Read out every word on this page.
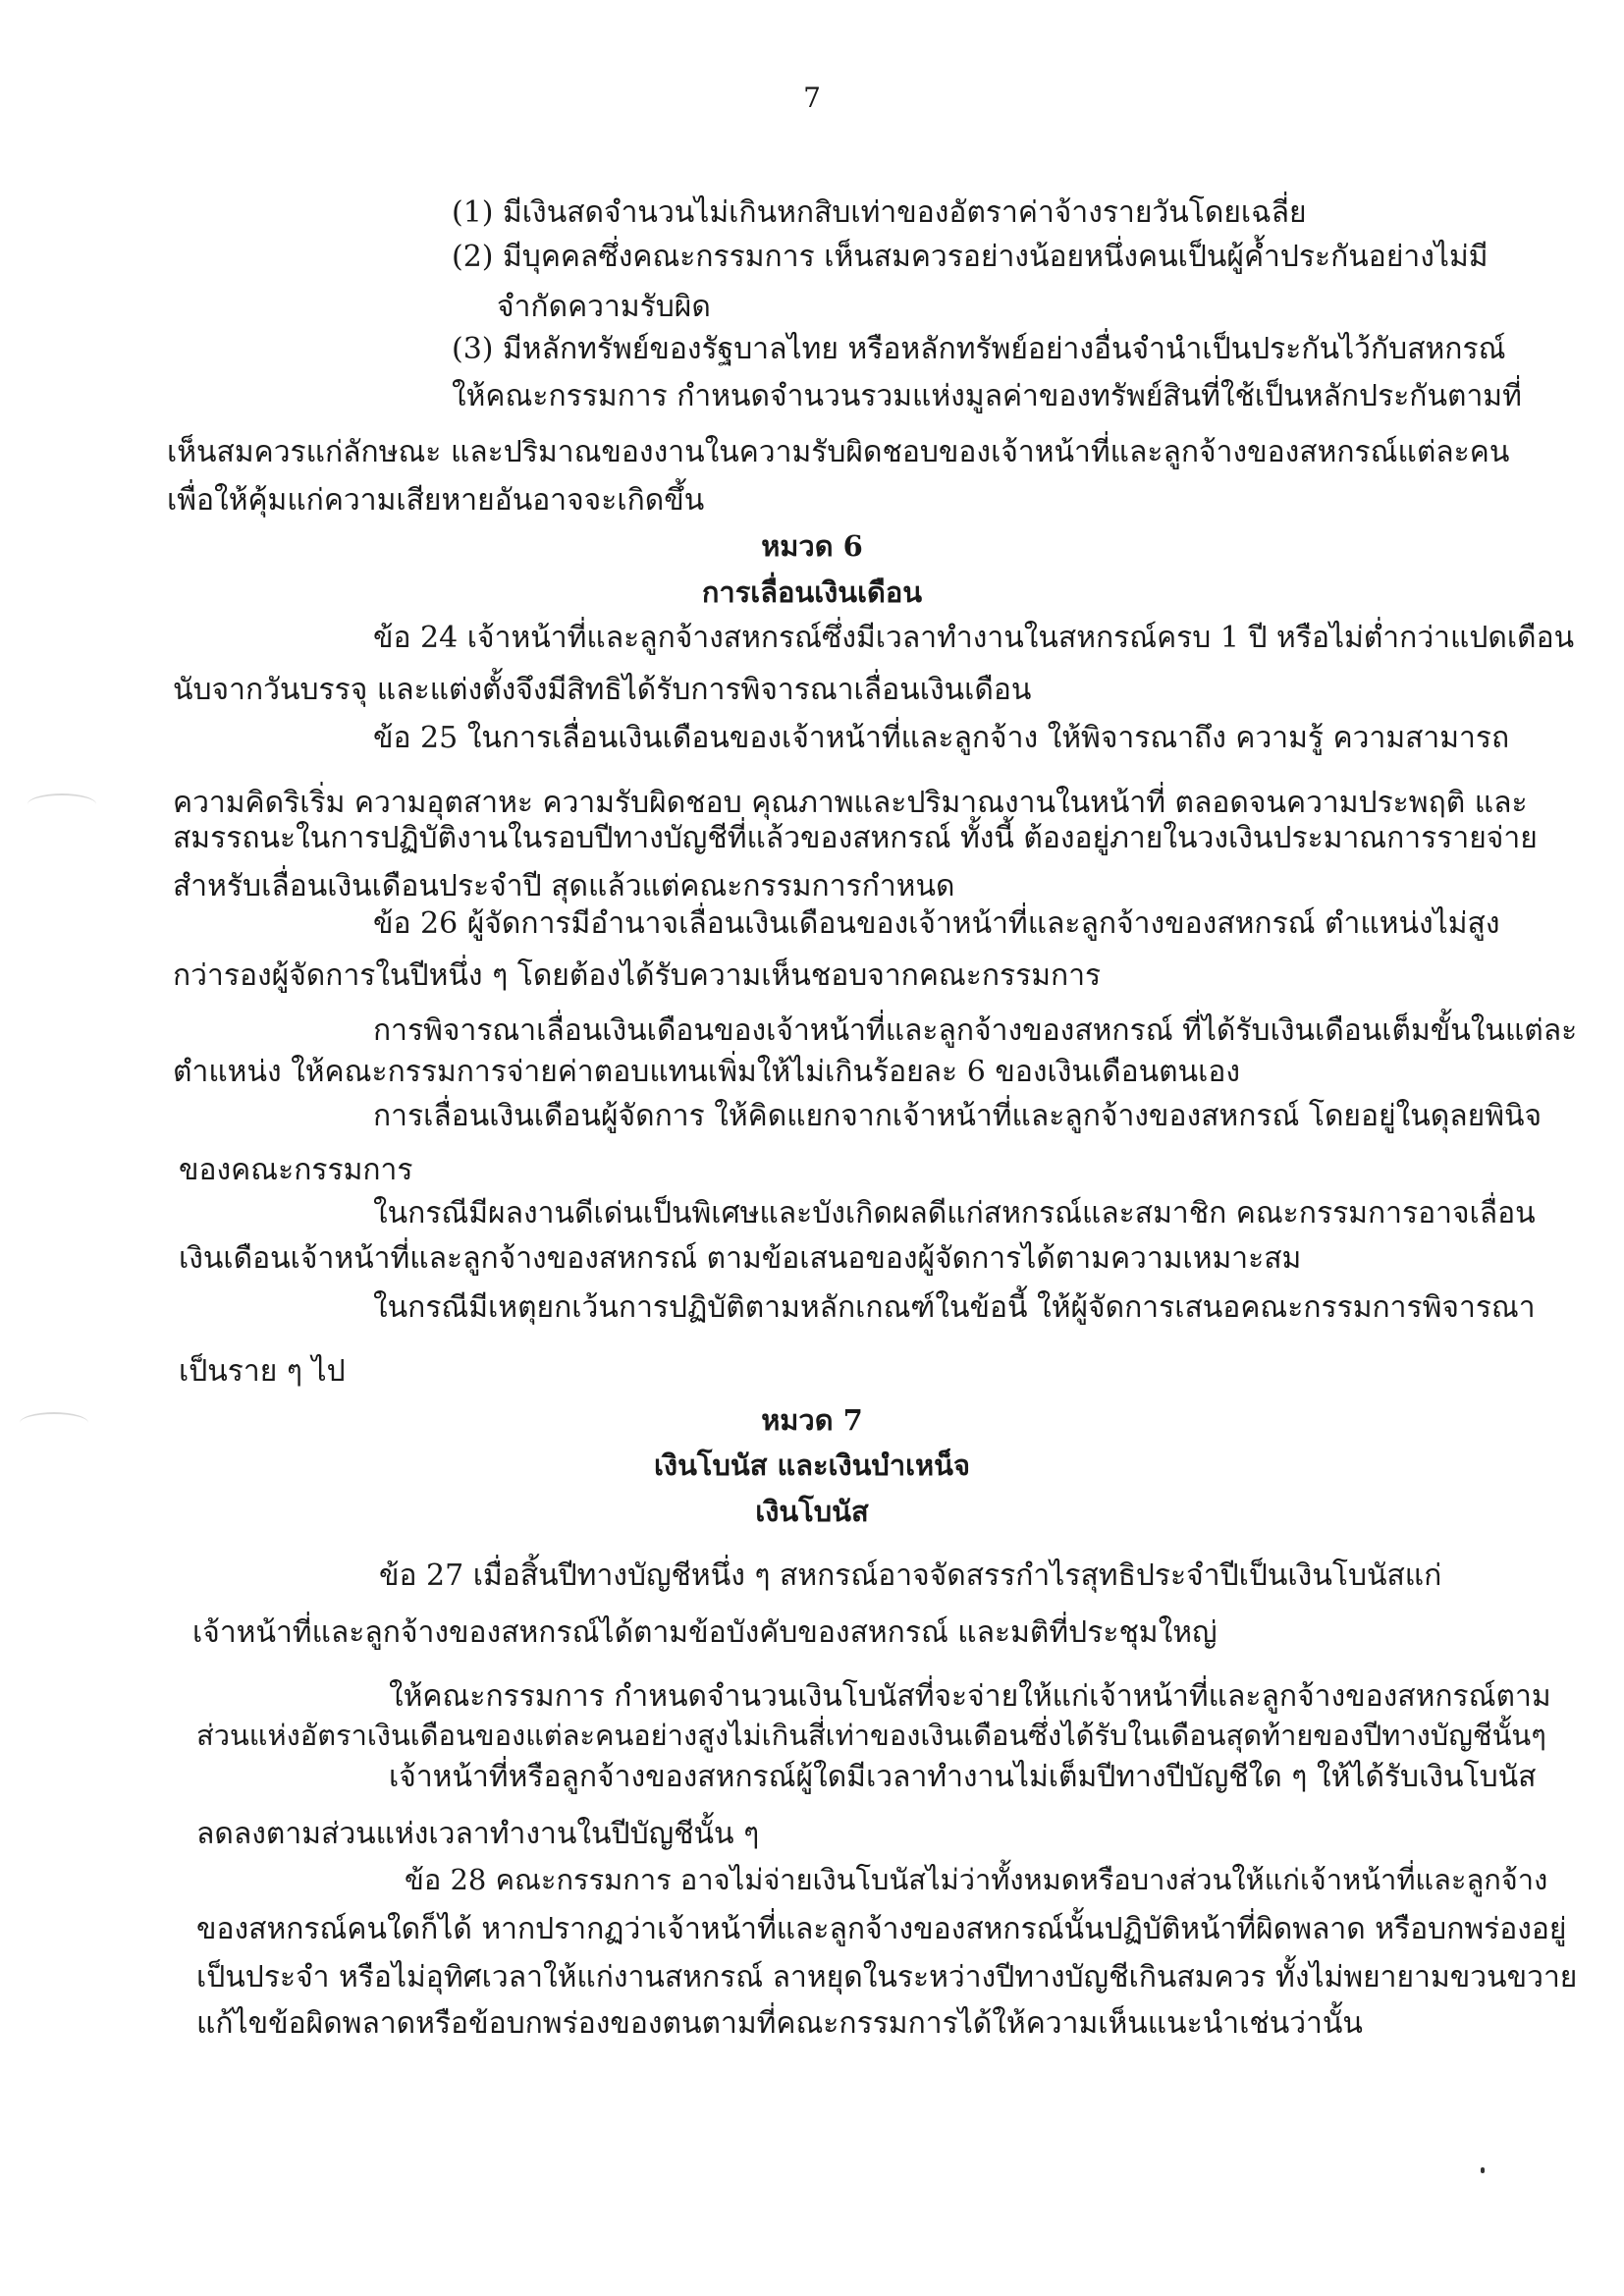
7
(1) มีเงินสดจำนวนไม่เกินหกสิบเท่าของอัตราค่าจ้างรายวันโดยเฉลี่ย
(2) มีบุคคลซึ่งคณะกรรมการ เห็นสมควรอย่างน้อยหนึ่งคนเป็นผู้ค้ำประกันอย่างไม่มี
จำกัดความรับผิด
(3) มีหลักทรัพย์ของรัฐบาลไทย หรือหลักทรัพย์อย่างอื่นจำนำเป็นประกันไว้กับสหกรณ์
ให้คณะกรรมการ กำหนดจำนวนรวมแห่งมูลค่าของทรัพย์สินที่ใช้เป็นหลักประกันตามที่
เห็นสมควรแก่ลักษณะ และปริมาณของงานในความรับผิดชอบของเจ้าหน้าที่และลูกจ้างของสหกรณ์แต่ละคน
เพื่อให้คุ้มแก่ความเสียหายอันอาจจะเกิดขึ้น
หมวด 6
การเลื่อนเงินเดือน
ข้อ 24 เจ้าหน้าที่และลูกจ้างสหกรณ์ซึ่งมีเวลาทำงานในสหกรณ์ครบ 1 ปี หรือไม่ต่ำกว่าแปดเดือน
นับจากวันบรรจุ และแต่งตั้งจึงมีสิทธิได้รับการพิจารณาเลื่อนเงินเดือน
ข้อ 25 ในการเลื่อนเงินเดือนของเจ้าหน้าที่และลูกจ้าง ให้พิจารณาถึง ความรู้ ความสามารถ
ความคิดริเริ่ม ความอุตสาหะ ความรับผิดชอบ คุณภาพและปริมาณงานในหน้าที่ ตลอดจนความประพฤติ และ
สมรรถนะในการปฏิบัติงานในรอบปีทางบัญชีที่แล้วของสหกรณ์ ทั้งนี้ ต้องอยู่ภายในวงเงินประมาณการรายจ่าย
สำหรับเลื่อนเงินเดือนประจำปี สุดแล้วแต่คณะกรรมการกำหนด
ข้อ 26 ผู้จัดการมีอำนาจเลื่อนเงินเดือนของเจ้าหน้าที่และลูกจ้างของสหกรณ์ ตำแหน่งไม่สูง
กว่ารองผู้จัดการในปีหนึ่ง ๆ โดยต้องได้รับความเห็นชอบจากคณะกรรมการ
การพิจารณาเลื่อนเงินเดือนของเจ้าหน้าที่และลูกจ้างของสหกรณ์ ที่ได้รับเงินเดือนเต็มขั้นในแต่ละ
ตำแหน่ง ให้คณะกรรมการจ่ายค่าตอบแทนเพิ่มให้ไม่เกินร้อยละ 6 ของเงินเดือนตนเอง
การเลื่อนเงินเดือนผู้จัดการ ให้คิดแยกจากเจ้าหน้าที่และลูกจ้างของสหกรณ์ โดยอยู่ในดุลยพินิจ
ของคณะกรรมการ
ในกรณีมีผลงานดีเด่นเป็นพิเศษและบังเกิดผลดีแก่สหกรณ์และสมาชิก คณะกรรมการอาจเลื่อน
เงินเดือนเจ้าหน้าที่และลูกจ้างของสหกรณ์ ตามข้อเสนอของผู้จัดการได้ตามความเหมาะสม
ในกรณีมีเหตุยกเว้นการปฏิบัติตามหลักเกณฑ์ในข้อนี้ ให้ผู้จัดการเสนอคณะกรรมการพิจารณา
เป็นราย ๆ ไป
หมวด 7
เงินโบนัส และเงินบำเหน็จ
เงินโบนัส
ข้อ 27 เมื่อสิ้นปีทางบัญชีหนึ่ง ๆ สหกรณ์อาจจัดสรรกำไรสุทธิประจำปีเป็นเงินโบนัสแก่
เจ้าหน้าที่และลูกจ้างของสหกรณ์ได้ตามข้อบังคับของสหกรณ์ และมติที่ประชุมใหญ่
ให้คณะกรรมการ กำหนดจำนวนเงินโบนัสที่จะจ่ายให้แก่เจ้าหน้าที่และลูกจ้างของสหกรณ์ตาม
ส่วนแห่งอัตราเงินเดือนของแต่ละคนอย่างสูงไม่เกินสี่เท่าของเงินเดือนซึ่งได้รับในเดือนสุดท้ายของปีทางบัญชีนั้นๆ
เจ้าหน้าที่หรือลูกจ้างของสหกรณ์ผู้ใดมีเวลาทำงานไม่เต็มปีทางปีบัญชีใด ๆ ให้ได้รับเงินโบนัส
ลดลงตามส่วนแห่งเวลาทำงานในปีบัญชีนั้น ๆ
ข้อ 28 คณะกรรมการ อาจไม่จ่ายเงินโบนัสไม่ว่าทั้งหมดหรือบางส่วนให้แก่เจ้าหน้าที่และลูกจ้าง
ของสหกรณ์คนใดก็ได้ หากปรากฏว่าเจ้าหน้าที่และลูกจ้างของสหกรณ์นั้นปฏิบัติหน้าที่ผิดพลาด หรือบกพร่องอยู่
เป็นประจำ หรือไม่อุทิศเวลาให้แก่งานสหกรณ์ ลาหยุดในระหว่างปีทางบัญชีเกินสมควร ทั้งไม่พยายามขวนขวาย
แก้ไขข้อผิดพลาดหรือข้อบกพร่องของตนตามที่คณะกรรมการได้ให้ความเห็นแนะนำเช่นว่านั้น
